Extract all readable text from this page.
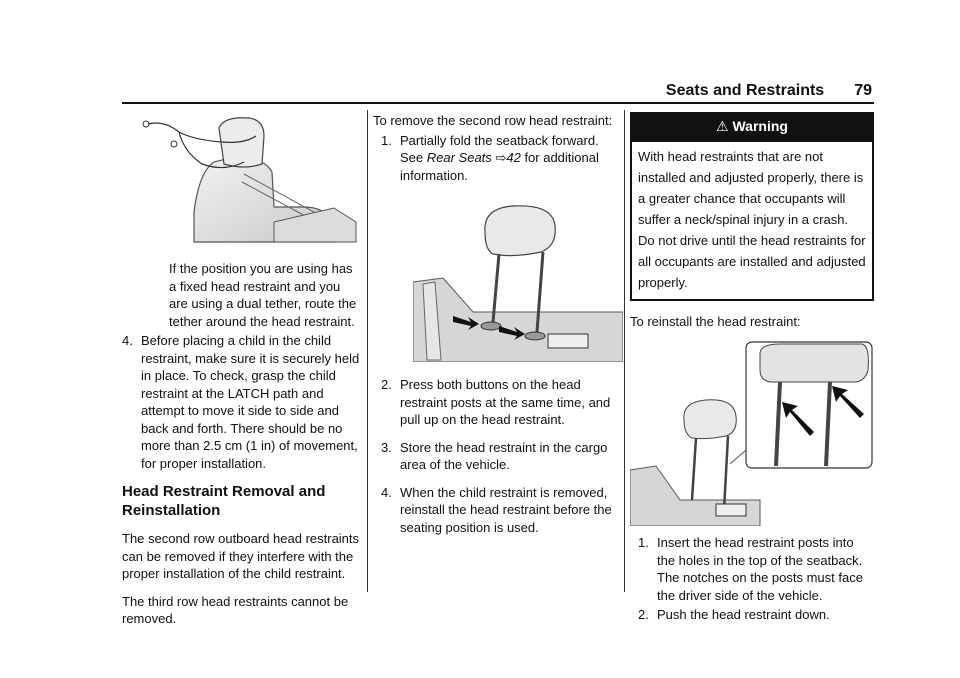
Seats and Restraints 79

If the position you are using has a fixed head restraint and you are using a dual tether, route the tether around the head restraint.

4. Before placing a child in the child restraint, make sure it is securely held in place. To check, grasp the child restraint at the LATCH path and attempt to move it side to side and back and forth. There should be no more than 2.5 cm (1 in) of movement, for proper installation.
Head Restraint Removal and Reinstallation

The second row outboard head restraints can be removed if they interfere with the proper installation of the child restraint.

The third row head restraints cannot be removed.

To remove the second row head restraint:

1. Partially fold the seatback forward. See Rear Seats ⇨42 for additional information.
2. Press both buttons on the head restraint posts at the same time, and pull up on the head restraint.
3. Store the head restraint in the cargo area of the vehicle.
4. When the child restraint is removed, reinstall the head restraint before the seating position is used.
⚠ Warning
With head restraints that are not installed and adjusted properly, there is a greater chance that occupants will suffer a neck/spinal injury in a crash. Do not drive until the head restraints for all occupants are installed and adjusted properly.

To reinstall the head restraint:

1. Insert the head restraint posts into the holes in the top of the seatback. The notches on the posts must face the driver side of the vehicle.
2. Push the head restraint down.
